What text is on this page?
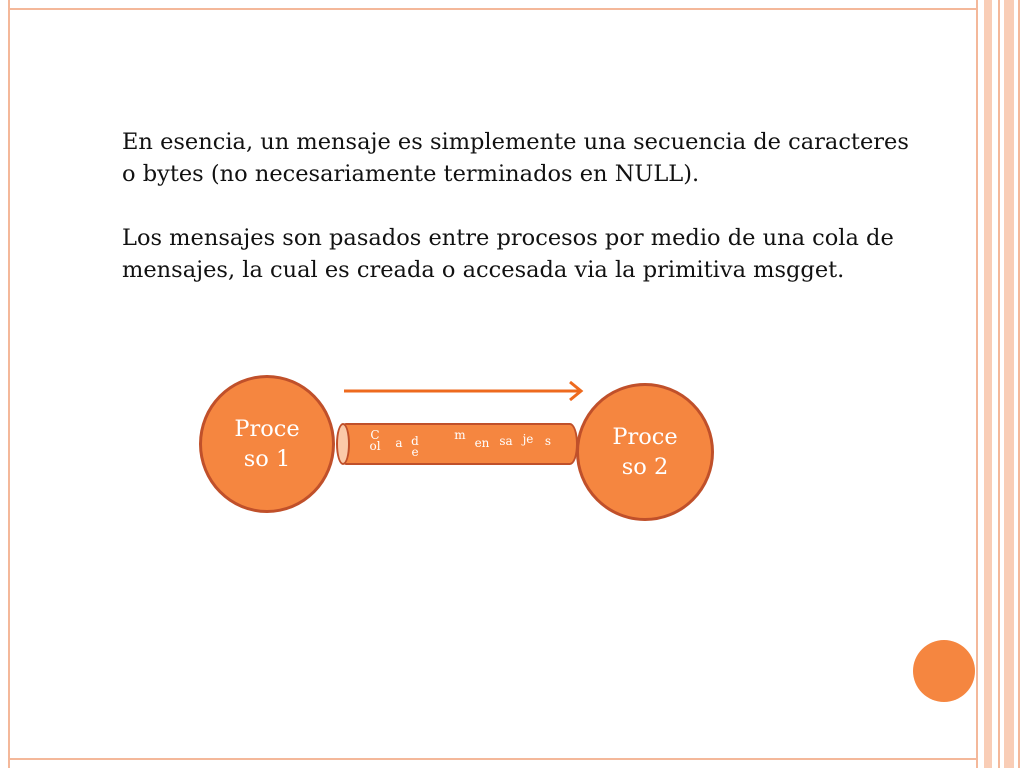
En esencia, un mensaje es simplemente una secuencia de caracteres o bytes (no necesariamente terminados en NULL).

Los mensajes son pasados entre procesos por medio de una cola de mensajes, la cual es creada o accesada via la primitiva msgget.

C
ol	a de
m
en sa je s
Proce
so 1
Proce
so 2
